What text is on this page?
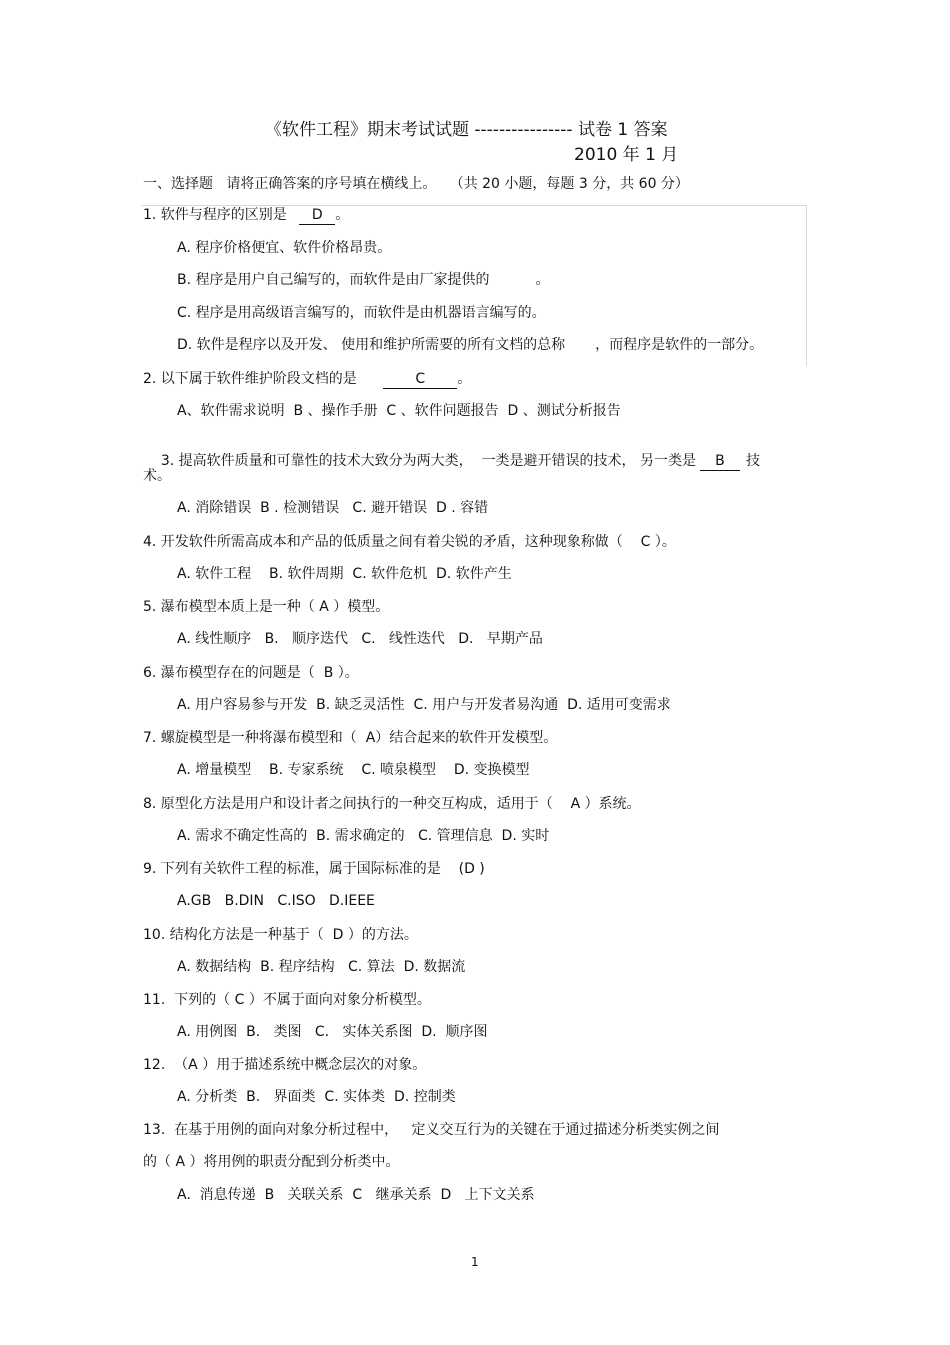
《软件工程》期末考试试题 ---------------- 试卷 1 答案
2010 年 1 月
一、选择题   请将正确答案的序号填在横线上。   （共 20 小题，每题 3 分，共 60 分）
1. 软件与程序的区别是 D 。
A. 程序价格便宜、软件价格昂贵。
B. 程序是用户自己编写的，而软件是由厂家提供的	。
C. 程序是用高级语言编写的，而软件是由机器语言编写的。
D. 软件是程序以及开发、 使用和维护所需要的所有文档的总称 ，而程序是软件的一部分。
2. 以下属于软件维护阶段文档的是	C 。
A、软件需求说明  B 、操作手册  C 、软件问题报告  D 、测试分析报告

3. 提高软件质量和可靠性的技术大致分为两大类，  一类是避开错误的技术， 另一类是 B 技

术。
A. 消除错误  B . 检测错误   C. 避开错误  D . 容错
4. 开发软件所需高成本和产品的低质量之间有着尖锐的矛盾，这种现象称做（    C ）。
A. 软件工程    B. 软件周期  C. 软件危机  D. 软件产生
5. 瀑布模型本质上是一种（ A ）模型。
A. 线性顺序   B.   顺序迭代   C.   线性迭代   D.   早期产品
6. 瀑布模型存在的问题是（  B ）。
A. 用户容易参与开发  B. 缺乏灵活性  C. 用户与开发者易沟通  D. 适用可变需求
7. 螺旋模型是一种将瀑布模型和（  A）结合起来的软件开发模型。
A. 增量模型    B. 专家系统    C. 喷泉模型    D. 变换模型
8. 原型化方法是用户和设计者之间执行的一种交互构成，适用于（    A ）系统。
A. 需求不确定性高的  B. 需求确定的   C. 管理信息  D. 实时
9. 下列有关软件工程的标准，属于国际标准的是    (D )
A.GB   B.DIN   C.ISO   D.IEEE
10. 结构化方法是一种基于（  D ）的方法。
A. 数据结构  B. 程序结构   C. 算法  D. 数据流
11.  下列的（ C ）不属于面向对象分析模型。
A. 用例图  B.   类图   C.   实体关系图  D.  顺序图
12.  （A ）用于描述系统中概念层次的对象。
A. 分析类  B.   界面类  C. 实体类  D. 控制类
13.  在基于用例的面向对象分析过程中，   定义交互行为的关键在于通过描述分析类实例之间
的（ A ）将用例的职责分配到分析类中。
A.  消息传递  B   关联关系  C   继承关系  D   上下文关系
1
